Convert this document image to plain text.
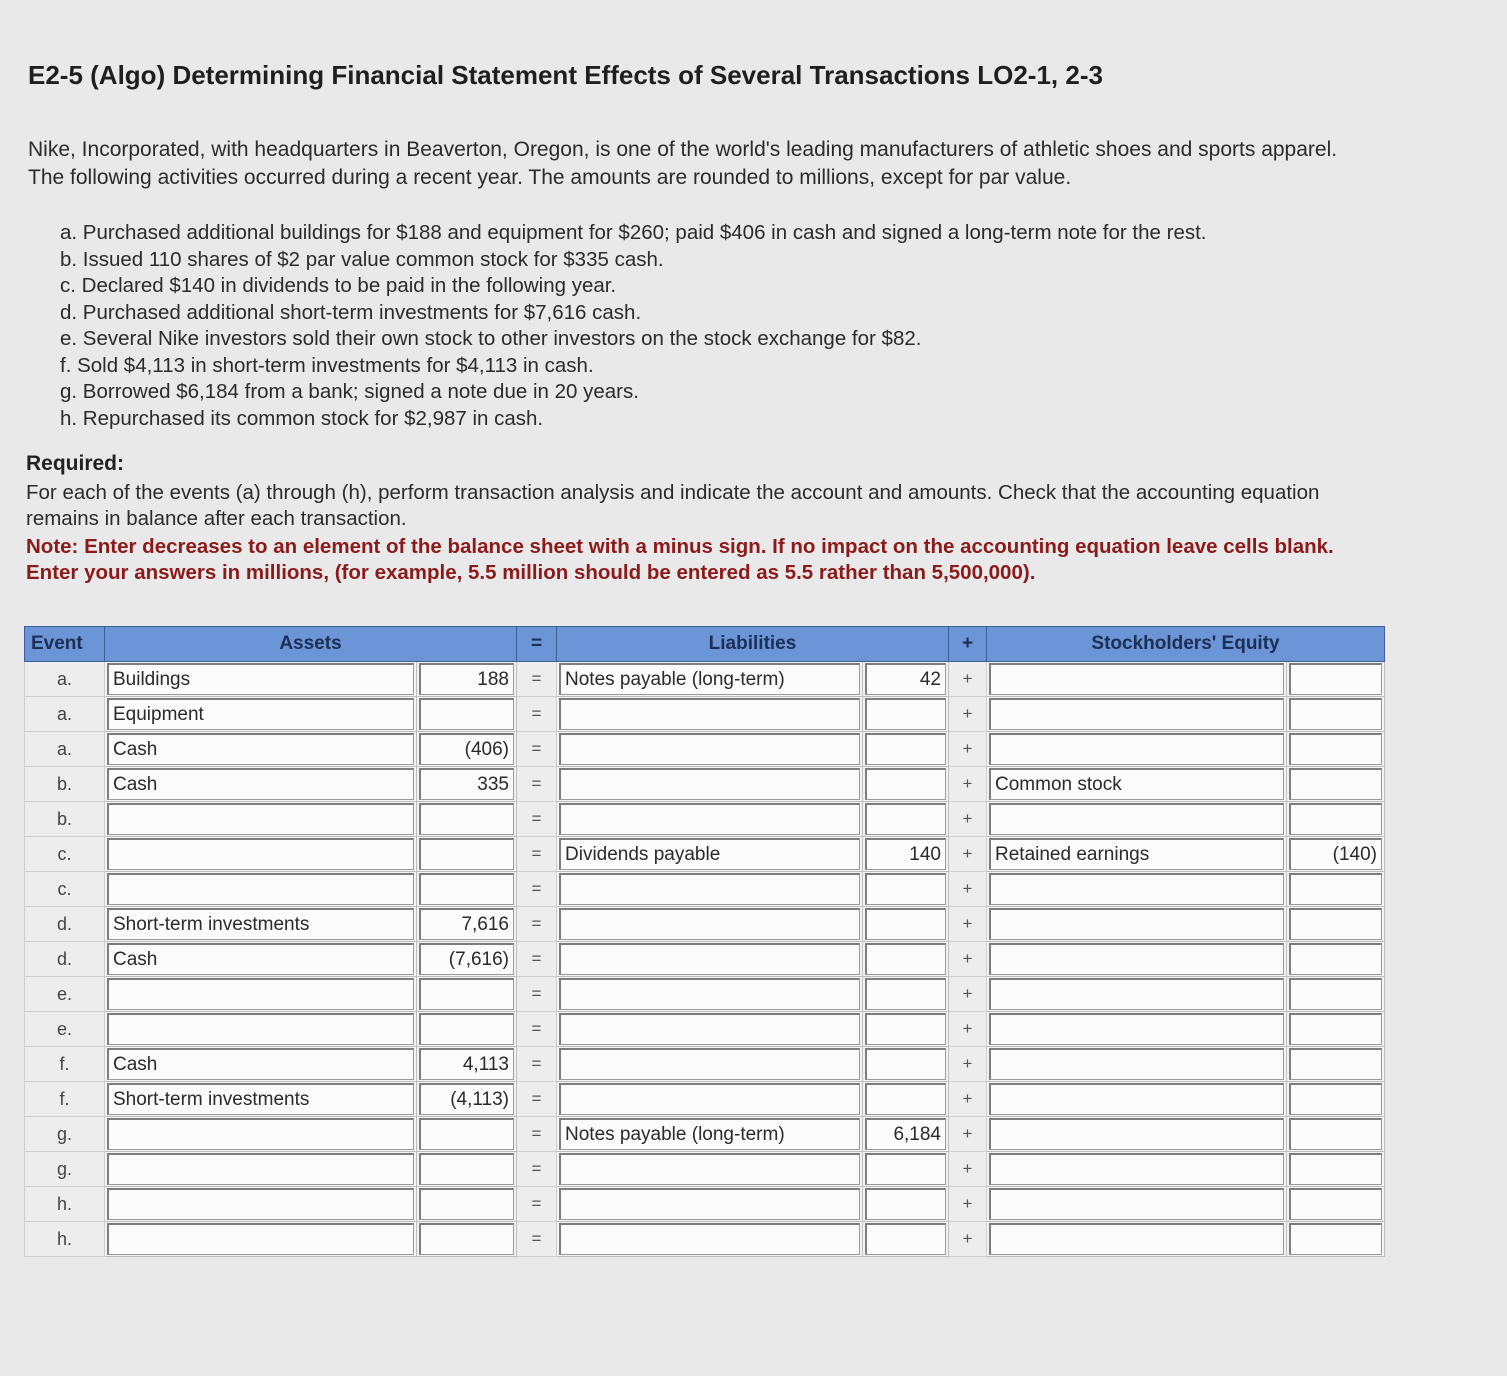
E2-5 (Algo) Determining Financial Statement Effects of Several Transactions LO2-1, 2-3
Nike, Incorporated, with headquarters in Beaverton, Oregon, is one of the world's leading manufacturers of athletic shoes and sports apparel. The following activities occurred during a recent year. The amounts are rounded to millions, except for par value.
a. Purchased additional buildings for $188 and equipment for $260; paid $406 in cash and signed a long-term note for the rest.
b. Issued 110 shares of $2 par value common stock for $335 cash.
c. Declared $140 in dividends to be paid in the following year.
d. Purchased additional short-term investments for $7,616 cash.
e. Several Nike investors sold their own stock to other investors on the stock exchange for $82.
f. Sold $4,113 in short-term investments for $4,113 in cash.
g. Borrowed $6,184 from a bank; signed a note due in 20 years.
h. Repurchased its common stock for $2,987 in cash.
Required:
For each of the events (a) through (h), perform transaction analysis and indicate the account and amounts. Check that the accounting equation remains in balance after each transaction.
Note: Enter decreases to an element of the balance sheet with a minus sign. If no impact on the accounting equation leave cells blank. Enter your answers in millions, (for example, 5.5 million should be entered as 5.5 rather than 5,500,000).
Event	Assets		=	Liabilities		+	Stockholders' Equity	
a.	Buildings	188	=	Notes payable (long-term)	42	+	

a.	Equipment		=			+	

a.	Cash	(406)	=			+	

b.	Cash	335	=			+	Common stock	

b.			=			+	

c.			=	Dividends payable	140	+	Retained earnings	(140)

c.			=			+	

d.	Short-term investments	7,616	=			+	

d.	Cash	(7,616)	=			+	

e.			=			+	

e.			=			+	

f.	Cash	4,113	=			+	

f.	Short-term investments	(4,113)	=			+	

g.			=	Notes payable (long-term)	6,184	+	

g.			=			+	

h.			=			+	

h.			=			+	
